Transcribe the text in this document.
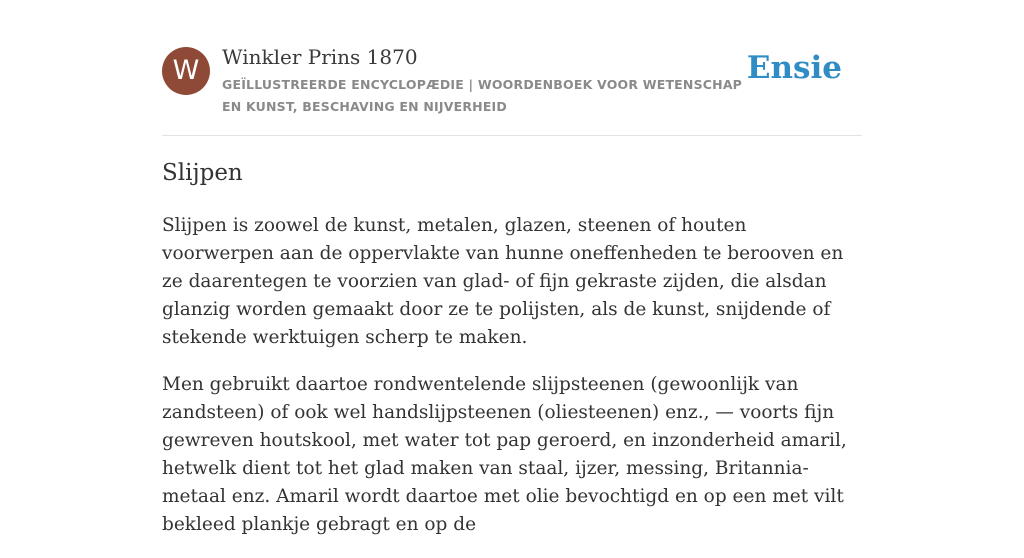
W	Winkler Prins 1870
GEÏLLUSTREERDE ENCYCLOPÆDIE | WOORDENBOEK VOOR WETENSCHAP EN KUNST, BESCHAVING EN NIJVERHEID
Ensie
Slijpen

Slijpen is zoowel de kunst, metalen, glazen, steenen of houten voorwerpen aan de oppervlakte van hunne oneffenheden te berooven en ze daarentegen te voorzien van glad- of fijn gekraste zijden, die alsdan glanzig worden gemaakt door ze te polijsten, als de kunst, snijdende of stekende werktuigen scherp te maken.

Men gebruikt daartoe rondwentelende slijpsteenen (gewoonlijk van zandsteen) of ook wel handslijpsteenen (oliesteenen) enz., — voorts fijn gewreven houtskool, met water tot pap geroerd, en inzonderheid amaril, hetwelk dient tot het glad maken van staal, ijzer, messing, Britannia-metaal enz. Amaril wordt daartoe met olie bevochtigd en op een met vilt bekleed plankje gebragt en op de
